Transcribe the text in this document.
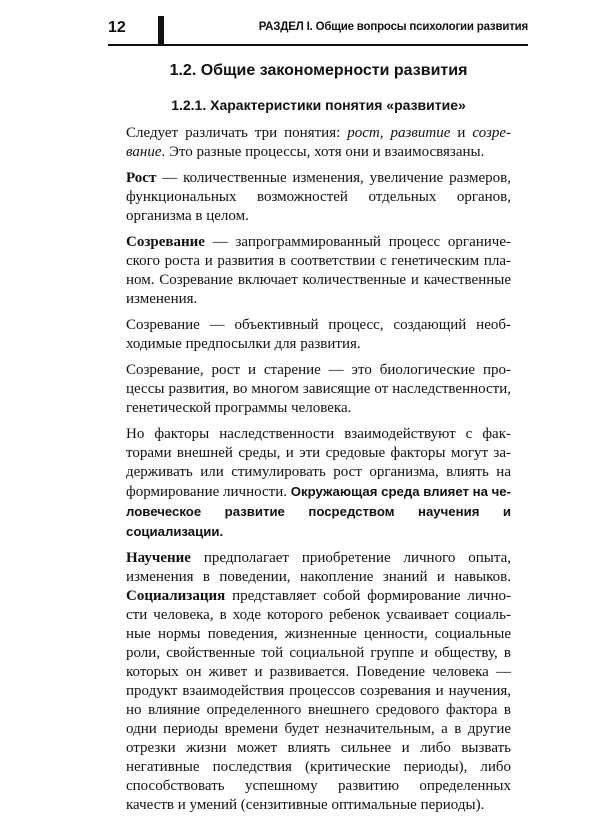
12	РАЗДЕЛ I. Общие вопросы психологии развития
1.2. Общие закономерности развития
1.2.1. Характеристики понятия «развитие»

Следует различать три понятия: рост, развитие и созревание. Это разные процессы, хотя они и взаимосвязаны.

Рост — количественные изменения, увеличение размеров, функциональных возможностей отдельных органов, организма в целом.

Созревание — запрограммированный процесс органического роста и развития в соответствии с генетическим планом. Созревание включает количественные и качественные изменения.

Созревание — объективный процесс, создающий необходимые предпосылки для развития.

Созревание, рост и старение — это биологические процессы развития, во многом зависящие от наследственности, генетической программы человека.

Но факторы наследственности взаимодействуют с факторами внешней среды, и эти средовые факторы могут задерживать или стимулировать рост организма, влиять на формирование личности. Окружающая среда влияет на человеческое развитие посредством научения и социализации.

Научение предполагает приобретение личного опыта, изменения в поведении, накопление знаний и навыков. Социализация представляет собой формирование личности человека, в ходе которого ребенок усваивает социальные нормы поведения, жизненные ценности, социальные роли, свойственные той социальной группе и обществу, в которых он живет и развивается. Поведение человека — продукт взаимодействия процессов созревания и научения, но влияние определенного внешнего средового фактора в одни периоды времени будет незначительным, а в другие отрезки жизни может влиять сильнее и либо вызвать негативные последствия (критические периоды), либо способствовать успешному развитию определенных качеств и умений (сензитивные оптимальные периоды).
